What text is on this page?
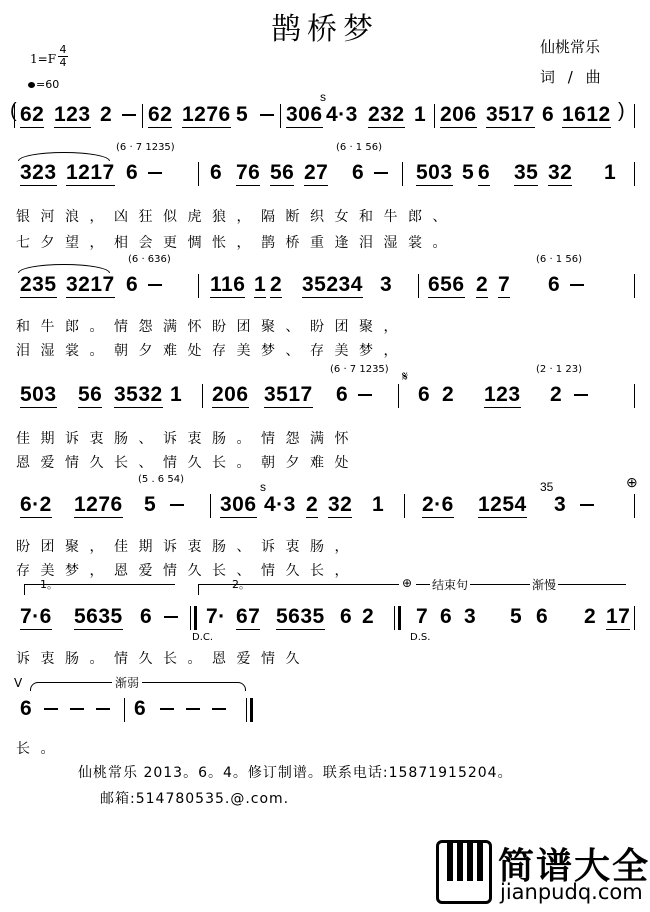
鹊桥梦
1=F
4
4
=60
仙桃常乐
词 / 曲
( 62 123 2 62 1276 5 306
s
4·3 232 1 206 3517 6 1612 )
(6 · 7 1235)	(6 · 1 56)
323 1217 6	6 76 56 27 6 503 5 6 35 32 1
银河浪，凶狂似虎狼，隔断织女和牛郎、
七夕望，相会更惆怅，鹊桥重逢泪湿裳。
(6 · 636)	(6 · 1 56)
235 3217 6	116 1 2 35234 3 656 2 7 6
和牛郎。情怨满怀盼团聚、盼团聚，
泪湿裳。朝夕难处存美梦、存美梦，
(6 · 7 1235)	(2 · 1 23)
503 56 3532 1 206 3517 6
𝄋
6 2 123 2
佳期诉衷肠、诉衷肠。情怨满怀
恩爱情久长、情久长。朝夕难处
(5 . 6 54)
6·2 1276 5	306
s
4·3 2 32 1 2·6 1254
35
3
⊕
盼团聚，佳期诉衷肠、诉衷肠，
存美梦，恩爱情久长、情久长，
1。	2。	⊕ 结束句	渐慢
7·6 5635 6
D.C.
7· 67 5635 6 2
D.S.
7 6 3 5 6 2 17
诉衷肠。情久长。恩爱情久
V	渐弱
6	6
长。
仙桃常乐 2013。6。4。修订制谱。联系电话:15871915204。
邮箱:514780535.@.com.
简谱大全
jianpudq.com
